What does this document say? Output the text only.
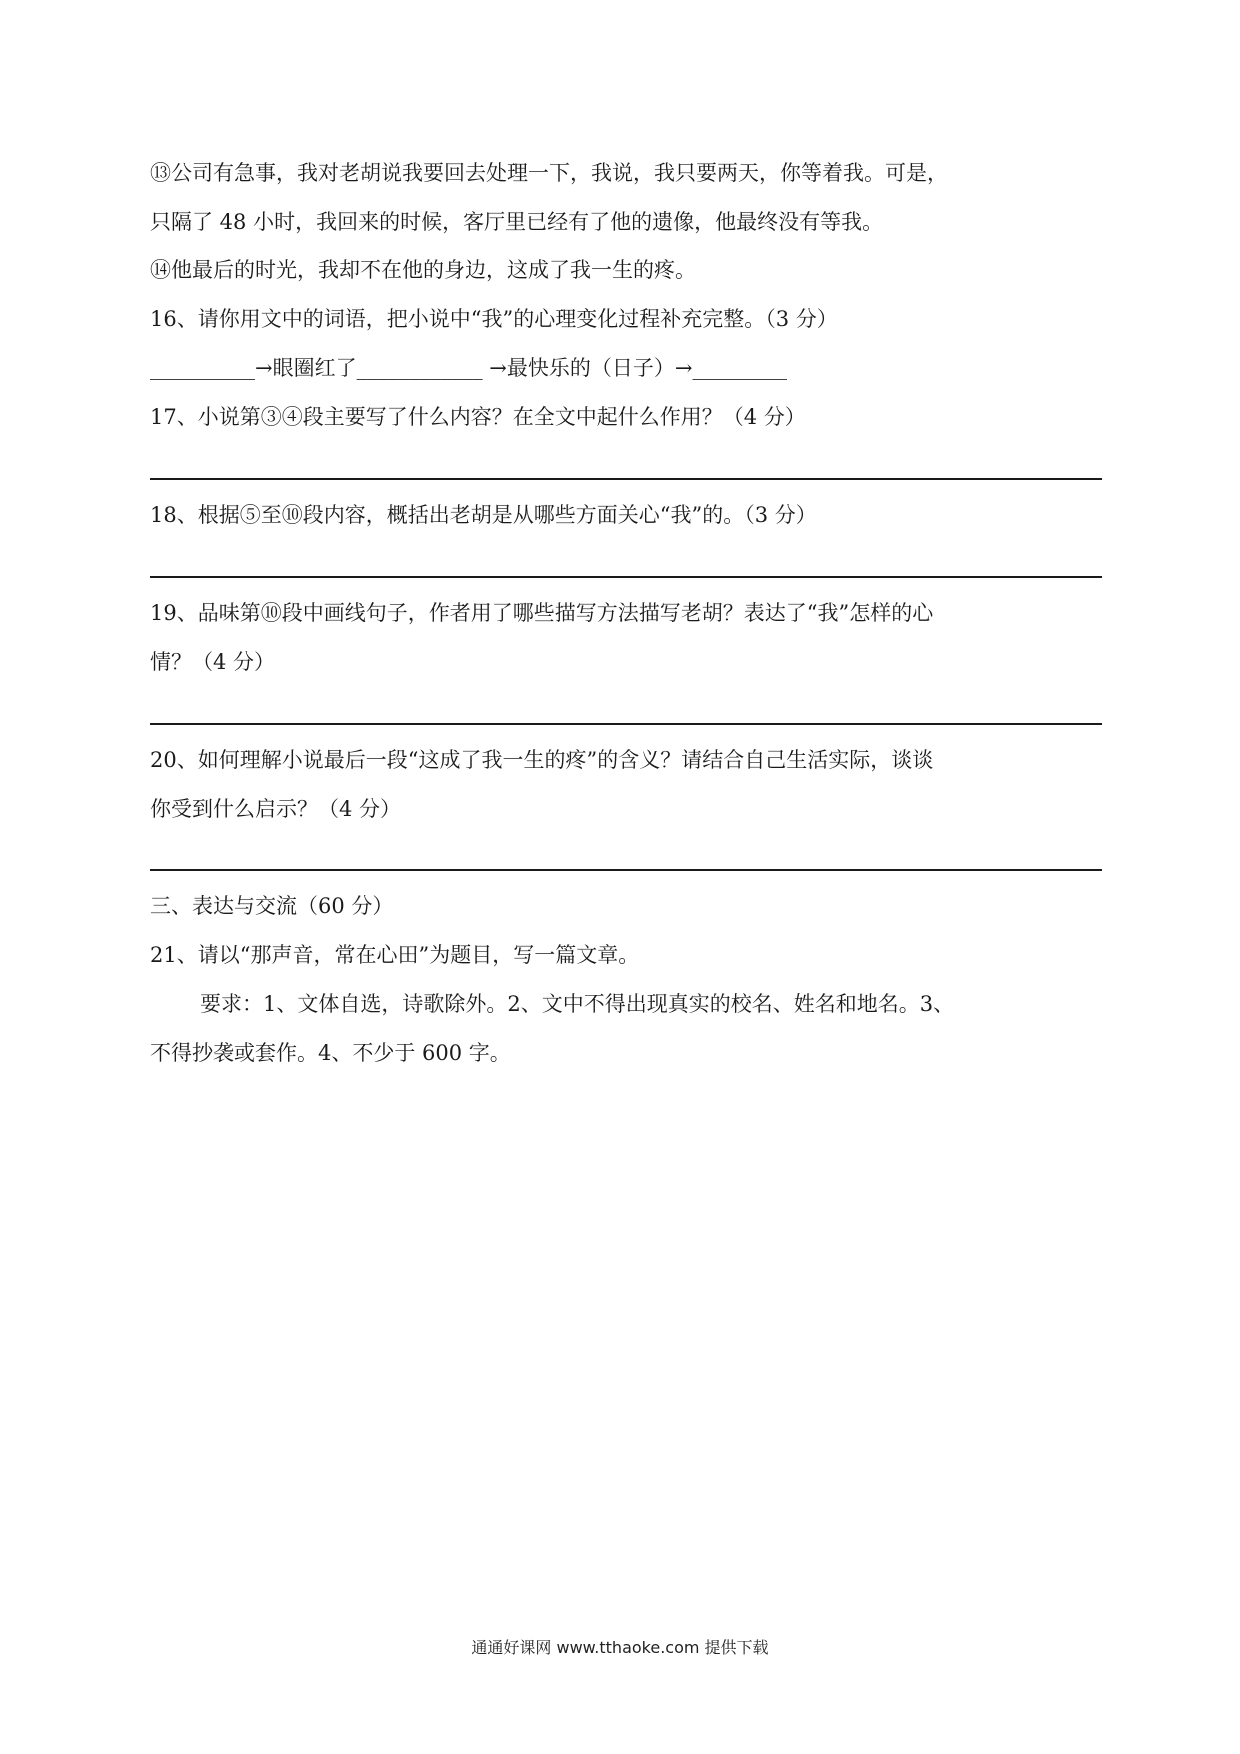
⑬公司有急事，我对老胡说我要回去处理一下，我说，我只要两天，你等着我。可是，
只隔了 48 小时，我回来的时候，客厅里已经有了他的遗像，他最终没有等我。
⑭他最后的时光，我却不在他的身边，这成了我一生的疼。
16、请你用文中的词语，把小说中“我”的心理变化过程补充完整。（3 分）
__________→眼圈红了____________ →最快乐的（日子）→_________
17、小说第③④段主要写了什么内容？在全文中起什么作用？（4 分）
18、根据⑤至⑩段内容，概括出老胡是从哪些方面关心“我”的。（3 分）
19、品味第⑩段中画线句子，作者用了哪些描写方法描写老胡？表达了“我”怎样的心
情？（4 分）
20、如何理解小说最后一段“这成了我一生的疼”的含义？请结合自己生活实际，谈谈
你受到什么启示？（4 分）
三、表达与交流（60 分）
21、请以“那声音，常在心田”为题目，写一篇文章。
要求：1、文体自选，诗歌除外。2、文中不得出现真实的校名、姓名和地名。3、
不得抄袭或套作。4、不少于 600 字。
通通好课网 www.tthaoke.com 提供下载
